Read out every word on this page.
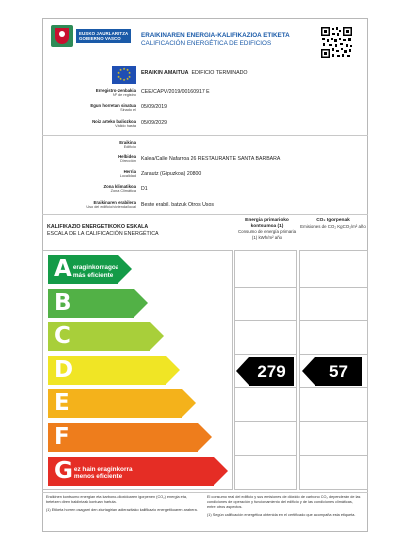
EUSKO JAURLARITZA
GOBIERNO VASCO	ERAIKINAREN ENERGIA-KALIFIKAZIOA ETIKETA
CALIFICACIÓN ENERGÉTICA DE EDIFICIOS
★ ★
★
★
★
★
★
★
★
★	ERAIKIN AMAITUA EDIFICIO TERMINADO
Erregistro-zenbakia
Nº de registro CEE/CAPV/2019/00160917 E
Egun horretan sinatua
Sinado el 05/09/2019
Noiz arteko baliozkoa
Válido hasta 05/09/2029
Eraikina
Edificio
Helbidea
Dirección Kalea/Calle Nafarroa 26 RESTAURANTE SANTA BARBARA
Herria
Localidad Zarautz (Gipuzkoa) 20800
Zona klimatikoa
Zona Climática D1
Eraikinaren erabilera
Uso del edificio/vivienda/local Beste erabil. batzuk Otros Usos
KALIFIKAZIO ENERGETIKOKO ESKALA
ESCALA DE LA CALIFICACIÓN ENERGÉTICA
Energia primarioko kontsumoa (1)
Consumo de energía primaria (1) kWh/m² año
CO₂ Igorpenak
Emisiones de CO₂ KgCO₂/m² año
A eraginkorragoa
más eficiente
B
C
D
E
F
G ez hain eraginkorra
menos eficiente
279	57
Eraikinen kontsumo energian eta karbono-dioxidoaren igorpenen (CO₂) energia eta, betetzen diren baldintzak kontuan hartuta.
(1) Etiketa horren osagarri den ziurtagirian adierazitako kalifikazio energetikoaren arabera.
El consumo real del edificio y sus emisiones de dióxido de carbono CO₂ dependerán de las condiciones de operación y funcionamiento del edificio y de las condiciones climáticas, entre otros aspectos.
(1) Según calificación energética obtenida en el certificado que acompaña esta etiqueta.
